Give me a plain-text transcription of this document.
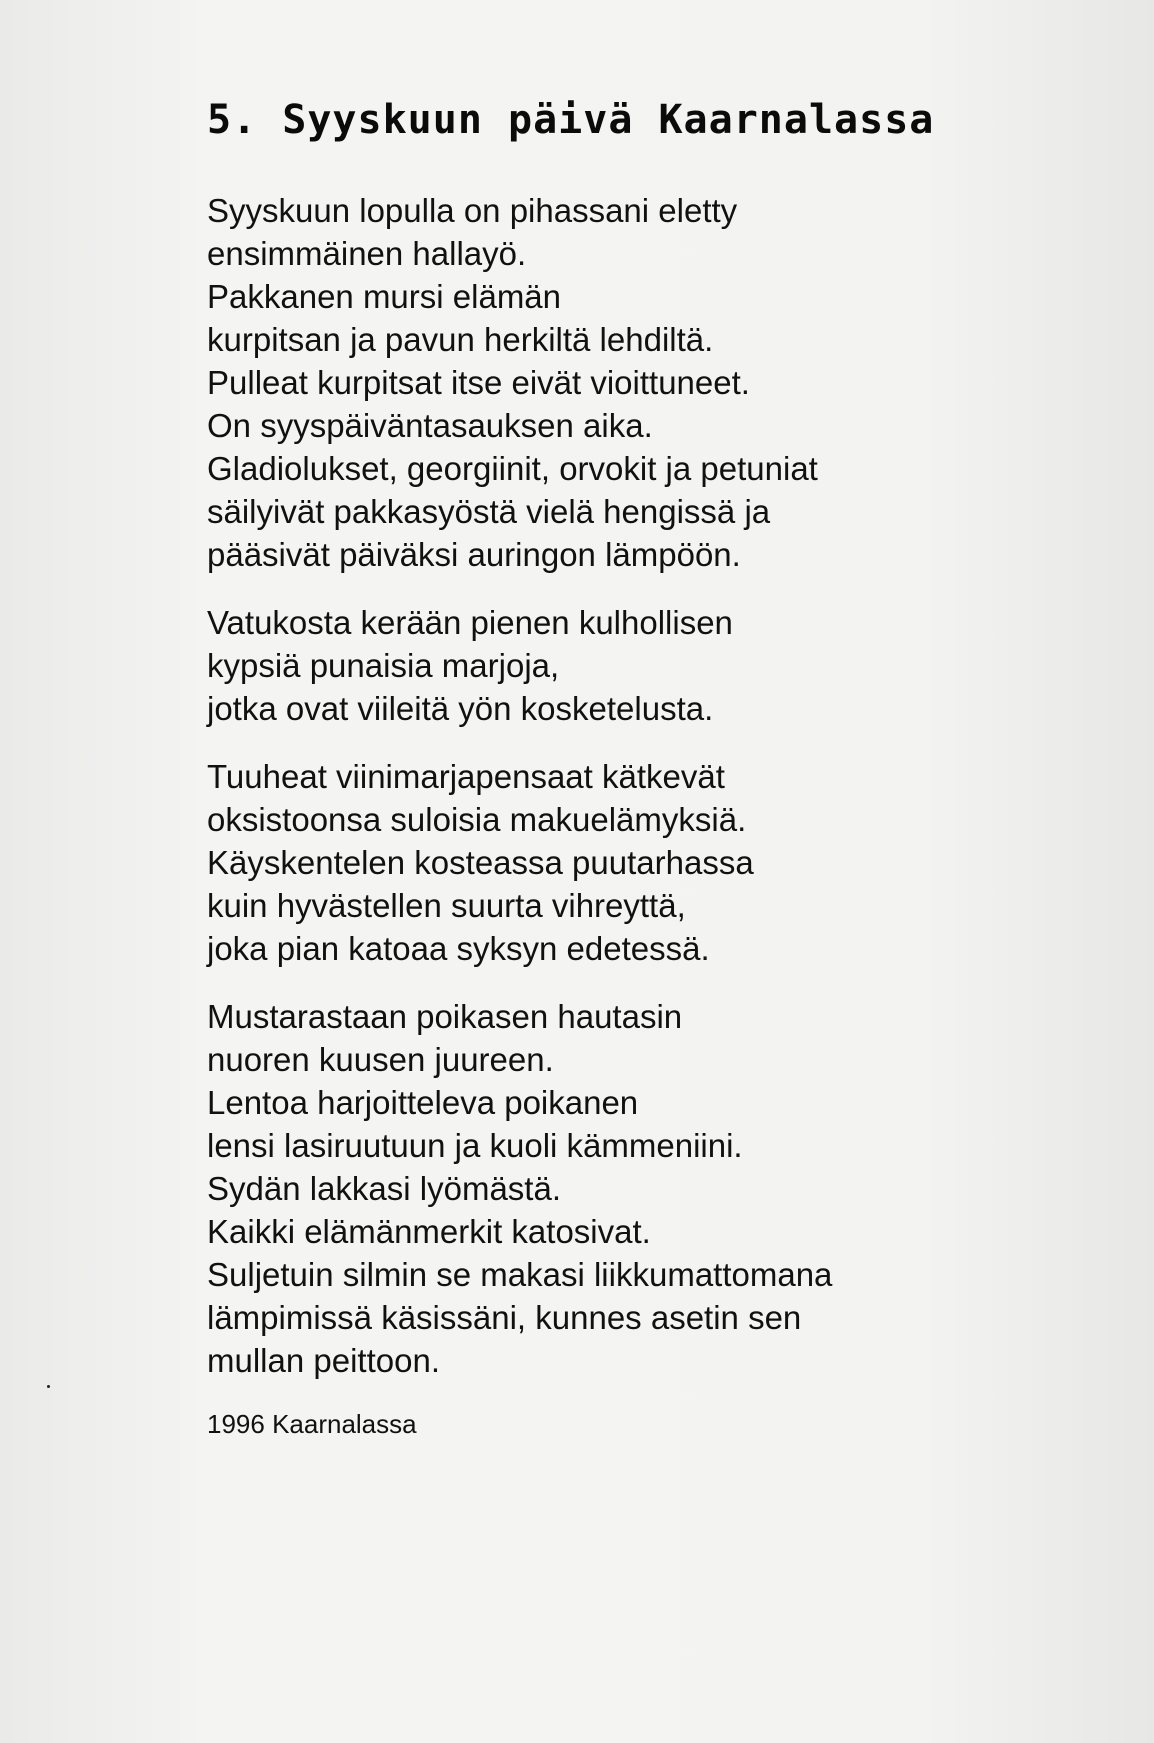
5. Syyskuun päivä Kaarnalassa
Syyskuun lopulla on pihassani eletty
ensimmäinen hallayö.
Pakkanen mursi elämän
kurpitsan ja pavun herkiltä lehdiltä.
Pulleat kurpitsat itse eivät vioittuneet.
On syyspäiväntasauksen aika.
Gladiolukset, georgiinit, orvokit ja petuniat
säilyivät pakkasyöstä vielä hengissä ja
pääsivät päiväksi auringon lämpöön.
Vatukosta kerään pienen kulhollisen
kypsiä punaisia marjoja,
jotka ovat viileitä yön kosketelusta.
Tuuheat viinimarjapensaat kätkevät
oksistoonsa suloisia makuelämyksiä.
Käyskentelen kosteassa puutarhassa
kuin hyvästellen suurta vihreyttä,
joka pian katoaa syksyn edetessä.
Mustarastaan poikasen hautasin
nuoren kuusen juureen.
Lentoa harjoitteleva poikanen
lensi lasiruutuun ja kuoli kämmeniini.
Sydän lakkasi lyömästä.
Kaikki elämänmerkit katosivat.
Suljetuin silmin se makasi liikkumattomana
lämpimissä käsissäni, kunnes asetin sen
mullan peittoon.
1996 Kaarnalassa
